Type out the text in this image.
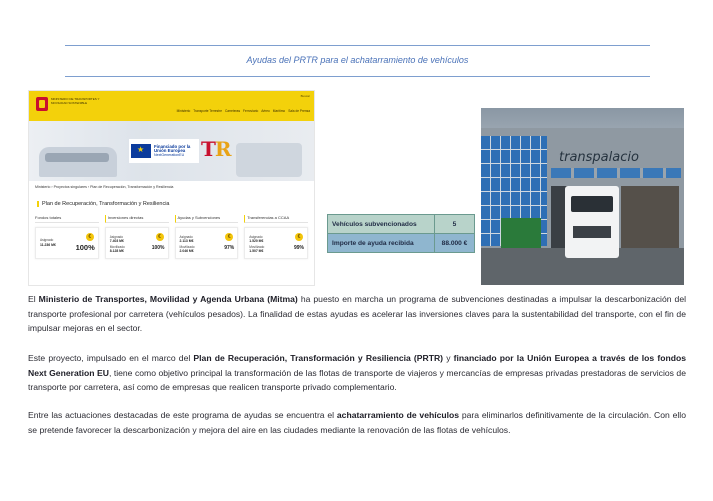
Ayudas del PRTR para el achatarramiento de vehículos
MINISTERIO DE TRANSPORTES Y MOVILIDAD SOSTENIBLE
Buscar
Ministerio Transporte Terrestre Carreteras Ferroviario Aéreo Marítimo Sala de Prensa
★
Financiado por la Unión Europea
NextGenerationEU TR
Ministerio › Proyectos singulares › Plan de Recuperación, Transformación y Resiliencia
Plan de Recuperación, Transformación y Resiliencia
Fondos totales
Asignado
11.236 M€
€
100%
Inversiones directas
Asignado
7.403 M€
Movilizado
8.128 M€
€
100%
Ayudas y Subvenciones
Asignado
2.113 M€
Movilizado
2.046 M€
€
97%
Transferencias a CCAA
Asignado
1.520 M€
Movilizado
1.507 M€
€
99%
Vehículos subvencionados	5
Importe de ayuda recibida	88.000 €
transpalacio

El Ministerio de Transportes, Movilidad y Agenda Urbana (Mitma) ha puesto en marcha un programa de subvenciones destinadas a impulsar la descarbonización del transporte profesional por carretera (vehículos pesados). La finalidad de estas ayudas es acelerar las inversiones claves para la sustentabilidad del transporte, con el fin de impulsar mejoras en el sector.

Este proyecto, impulsado en el marco del Plan de Recuperación, Transformación y Resiliencia (PRTR) y financiado por la Unión Europea a través de los fondos Next Generation EU, tiene como objetivo principal la transformación de las flotas de transporte de viajeros y mercancías de empresas privadas prestadoras de servicios de transporte por carretera, así como de empresas que realicen transporte privado complementario.

Entre las actuaciones destacadas de este programa de ayudas se encuentra el achatarramiento de vehículos para eliminarlos definitivamente de la circulación. Con ello se pretende favorecer la descarbonización y mejora del aire en las ciudades mediante la renovación de las flotas de vehículos.
